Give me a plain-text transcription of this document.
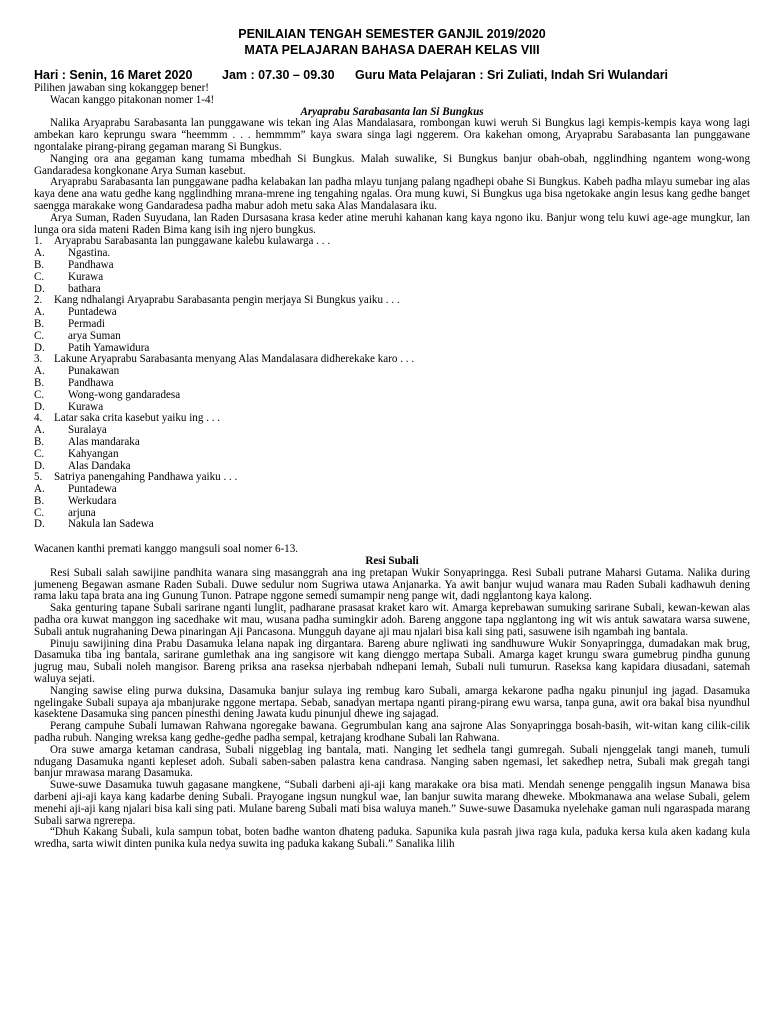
PENILAIAN TENGAH SEMESTER GANJIL 2019/2020
MATA PELAJARAN BAHASA DAERAH KELAS VIII
Hari : Senin, 16 Maret 2020	Jam : 07.30 – 09.30	Guru Mata Pelajaran : Sri Zuliati, Indah Sri Wulandari

Pilihen jawaban sing kokanggep bener!

Wacan kanggo pitakonan nomer 1-4!

Aryaprabu Sarabasanta lan Si Bungkus

Nalika Aryaprabu Sarabasanta lan punggawane wis tekan ing Alas Mandalasara, rombongan kuwi weruh Si Bungkus lagi kempis-kempis kaya wong lagi ambekan karo keprungu swara “heemmm . . . hemmmm” kaya swara singa lagi nggerem. Ora kakehan omong, Aryaprabu Sarabasanta lan punggawane ngontalake pirang-pirang gegaman marang Si Bungkus.

Nanging ora ana gegaman kang tumama mbedhah Si Bungkus. Malah suwalike, Si Bungkus banjur obah-obah, ngglindhing ngantem wong-wong Gandaradesa kongkonane Arya Suman kasebut.

Aryaprabu Sarabasanta lan punggawane padha kelabakan lan padha mlayu tunjang palang ngadhepi obahe Si Bungkus. Kabeh padha mlayu sumebar ing alas kaya dene ana watu gedhe kang ngglindhing mrana-mrene ing tengahing ngalas. Ora mung kuwi, Si Bungkus uga bisa ngetokake angin lesus kang gedhe banget saengga marakake wong Gandaradesa padha mabur adoh metu saka Alas Mandalasara iku.

Arya Suman, Raden Suyudana, lan Raden Dursasana krasa keder atine meruhi kahanan kang kaya ngono iku. Banjur wong telu kuwi age-age mungkur, lan lunga ora sida mateni Raden Bima kang isih ing njero bungkus.

1. Aryaprabu Sarabasanta lan punggawane kalebu kulawarga . . .

A. Ngastina.

B. Pandhawa

C. Kurawa

D. bathara

2. Kang ndhalangi Aryaprabu Sarabasanta pengin merjaya Si Bungkus yaiku . . .

A. Puntadewa

B. Permadi

C. arya Suman

D. Patih Yamawidura

3. Lakune Aryaprabu Sarabasanta menyang Alas Mandalasara didherekake karo . . .

A. Punakawan

B. Pandhawa

C. Wong-wong gandaradesa

D. Kurawa

4. Latar saka crita kasebut yaiku ing . . .

A. Suralaya

B. Alas mandaraka

C. Kahyangan

D. Alas Dandaka

5. Satriya panengahing Pandhawa yaiku . . .

A. Puntadewa

B. Werkudara

C. arjuna

D. Nakula lan Sadewa

Wacanen kanthi premati kanggo mangsuli soal nomer 6-13.

Resi Subali

Resi Subali salah sawijine pandhita wanara sing masanggrah ana ing pretapan Wukir Sonyapringga. Resi Subali putrane Maharsi Gutama. Nalika during jumeneng Begawan asmane Raden Subali. Duwe sedulur nom Sugriwa utawa Anjanarka. Ya awit banjur wujud wanara mau Raden Subali kadhawuh dening rama laku tapa brata ana ing Gunung Tunon. Patrape nggone semedi sumampir neng pange wit, dadi ngglantong kaya kalong.

Saka genturing tapane Subali sarirane nganti lunglit, padharane prasasat kraket karo wit. Amarga keprebawan sumuking sarirane Subali, kewan-kewan alas padha ora kuwat manggon ing sacedhake wit mau, wusana padha sumingkir adoh. Bareng anggone tapa ngglantong ing wit wis antuk sawatara warsa suwene, Subali antuk nugrahaning Dewa pinaringan Aji Pancasona. Mungguh dayane aji mau njalari bisa kali sing pati, sasuwene isih ngambah ing bantala.

Pinuju sawijining dina Prabu Dasamuka lelana napak ing dirgantara. Bareng abure ngliwati ing sandhuwure Wukir Sonyapringga, dumadakan mak brug, Dasamuka tiba ing bantala, sarirane gumlethak ana ing sangisore wit kang dienggo mertapa Subali. Amarga kaget krungu swara gumebrug pindha gunung jugrug mau, Subali noleh mangisor. Bareng priksa ana raseksa njerbabah ndhepani lemah, Subali nuli tumurun. Raseksa kang kapidara diusadani, satemah waluya sejati.

Nanging sawise eling purwa duksina, Dasamuka banjur sulaya ing rembug karo Subali, amarga kekarone padha ngaku pinunjul ing jagad. Dasamuka ngelingake Subali supaya aja mbanjurake nggone mertapa. Sebab, sanadyan mertapa nganti pirang-pirang ewu warsa, tanpa guna, awit ora bakal bisa nyundhul kasektene Dasamuka sing pancen pinesthi dening Jawata kudu pinunjul dhewe ing sajagad.

Perang campuhe Subali lumawan Rahwana ngoregake bawana. Gegrumbulan kang ana sajrone Alas Sonyapringga bosah-basih, wit-witan kang cilik-cilik padha rubuh. Nanging wreksa kang gedhe-gedhe padha sempal, ketrajang krodhane Subali lan Rahwana.

Ora suwe amarga ketaman candrasa, Subali niggeblag ing bantala, mati. Nanging let sedhela tangi gumregah. Subali njenggelak tangi maneh, tumuli ndugang Dasamuka nganti kepleset adoh. Subali saben-saben palastra kena candrasa. Nanging saben ngemasi, let sakedhep netra, Subali mak gregah tangi banjur mrawasa marang Dasamuka.

Suwe-suwe Dasamuka tuwuh gagasane mangkene, “Subali darbeni aji-aji kang marakake ora bisa mati. Mendah senenge penggalih ingsun Manawa bisa darbeni aji-aji kaya kang kadarbe dening Subali. Prayogane ingsun nungkul wae, lan banjur suwita marang dheweke. Mbokmanawa ana welase Subali, gelem menehi aji-aji kang njalari bisa kali sing pati. Mulane bareng Subali mati bisa waluya maneh.” Suwe-suwe Dasamuka nyelehake gaman nuli ngaraspada marang Subali sarwa ngrerepa.

“Dhuh Kakang Subali, kula sampun tobat, boten badhe wanton dhateng paduka. Sapunika kula pasrah jiwa raga kula, paduka kersa kula aken kadang kula wredha, sarta wiwit dinten punika kula nedya suwita ing paduka kakang Subali.” Sanalika lilih
